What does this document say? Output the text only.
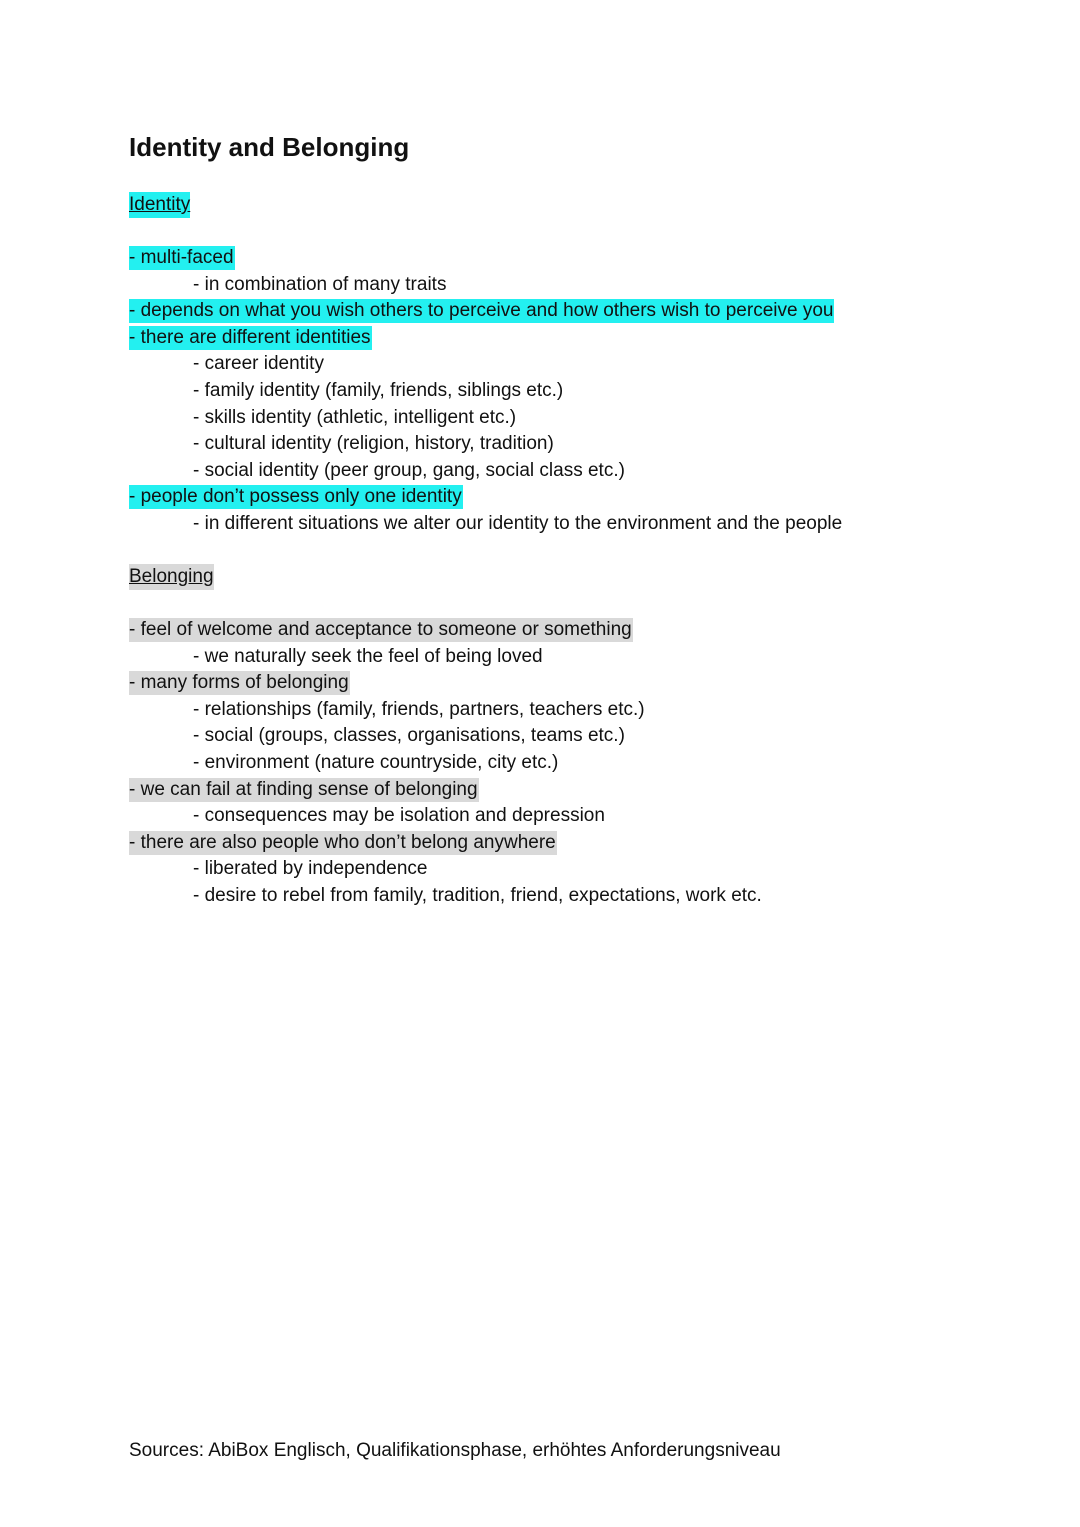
Identity and Belonging
Identity
- multi-faced
- in combination of many traits
- depends on what you wish others to perceive and how others wish to perceive you
- there are different identities
- career identity
- family identity (family, friends, siblings etc.)
- skills identity (athletic, intelligent etc.)
- cultural identity (religion, history, tradition)
- social identity (peer group, gang, social class etc.)
- people don’t possess only one identity
- in different situations we alter our identity to the environment and the people
Belonging
- feel of welcome and acceptance to someone or something
- we naturally seek the feel of being loved
- many forms of belonging
- relationships (family, friends, partners, teachers etc.)
- social (groups, classes, organisations, teams etc.)
- environment (nature countryside, city etc.)
- we can fail at finding sense of belonging
- consequences may be isolation and depression
- there are also people who don’t belong anywhere
- liberated by independence
- desire to rebel from family, tradition, friend, expectations, work etc.
Sources: AbiBox Englisch, Qualifikationsphase, erhöhtes Anforderungsniveau
